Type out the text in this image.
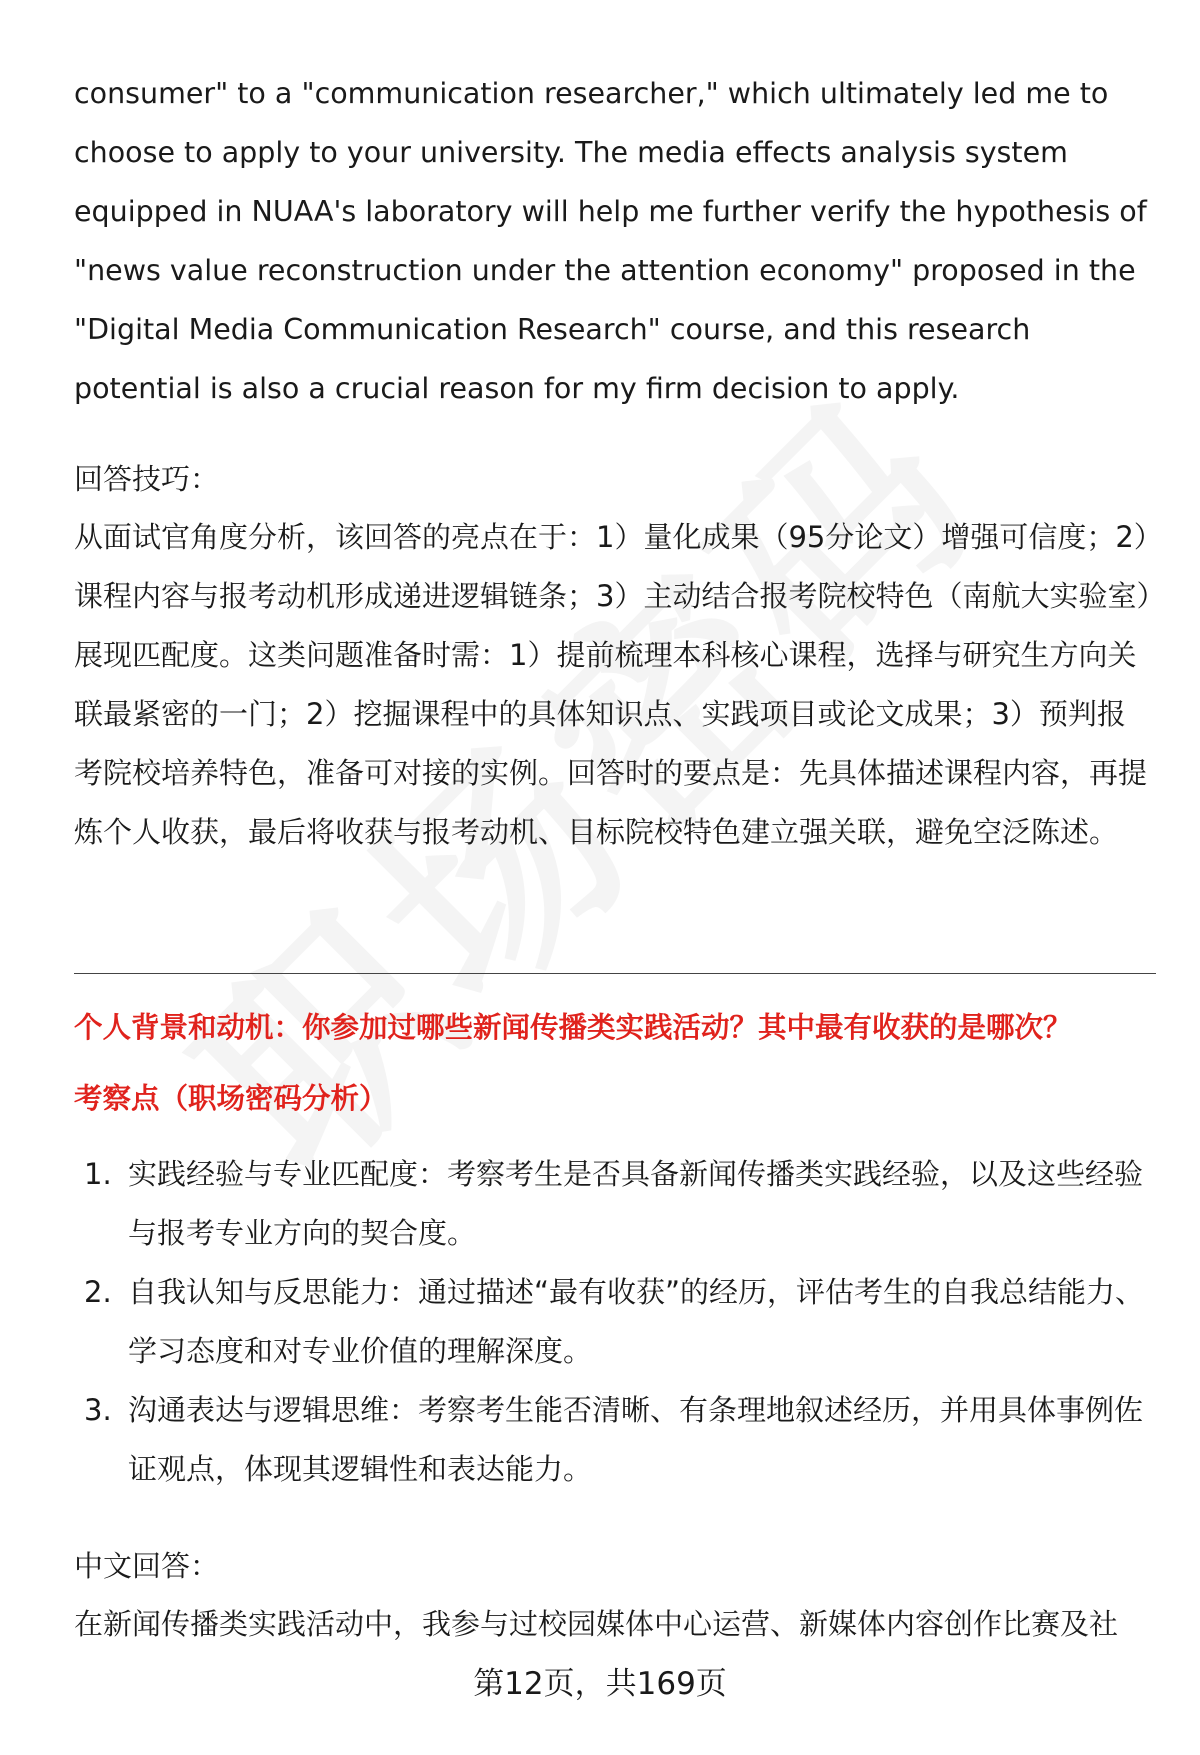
consumer" to a "communication researcher," which ultimately led me to choose to apply to your university. The media effects analysis system equipped in NUAA's laboratory will help me further verify the hypothesis of "news value reconstruction under the attention economy" proposed in the "Digital Media Communication Research" course, and this research potential is also a crucial reason for my firm decision to apply.

回答技巧：

从面试官角度分析，该回答的亮点在于：1）量化成果（95分论文）增强可信度；2）课程内容与报考动机形成递进逻辑链条；3）主动结合报考院校特色（南航大实验室）展现匹配度。这类问题准备时需：1）提前梳理本科核心课程，选择与研究生方向关联最紧密的一门；2）挖掘课程中的具体知识点、实践项目或论文成果；3）预判报考院校培养特色，准备可对接的实例。回答时的要点是：先具体描述课程内容，再提炼个人收获，最后将收获与报考动机、目标院校特色建立强关联，避免空泛陈述。

个人背景和动机：你参加过哪些新闻传播类实践活动？其中最有收获的是哪次？

考察点（职场密码分析）

1. 实践经验与专业匹配度：考察考生是否具备新闻传播类实践经验，以及这些经验与报考专业方向的契合度。
2. 自我认知与反思能力：通过描述“最有收获”的经历，评估考生的自我总结能力、学习态度和对专业价值的理解深度。
3. 沟通表达与逻辑思维：考察考生能否清晰、有条理地叙述经历，并用具体事例佐证观点，体现其逻辑性和表达能力。

中文回答：

在新闻传播类实践活动中，我参与过校园媒体中心运营、新媒体内容创作比赛及社

第12页，共169页
